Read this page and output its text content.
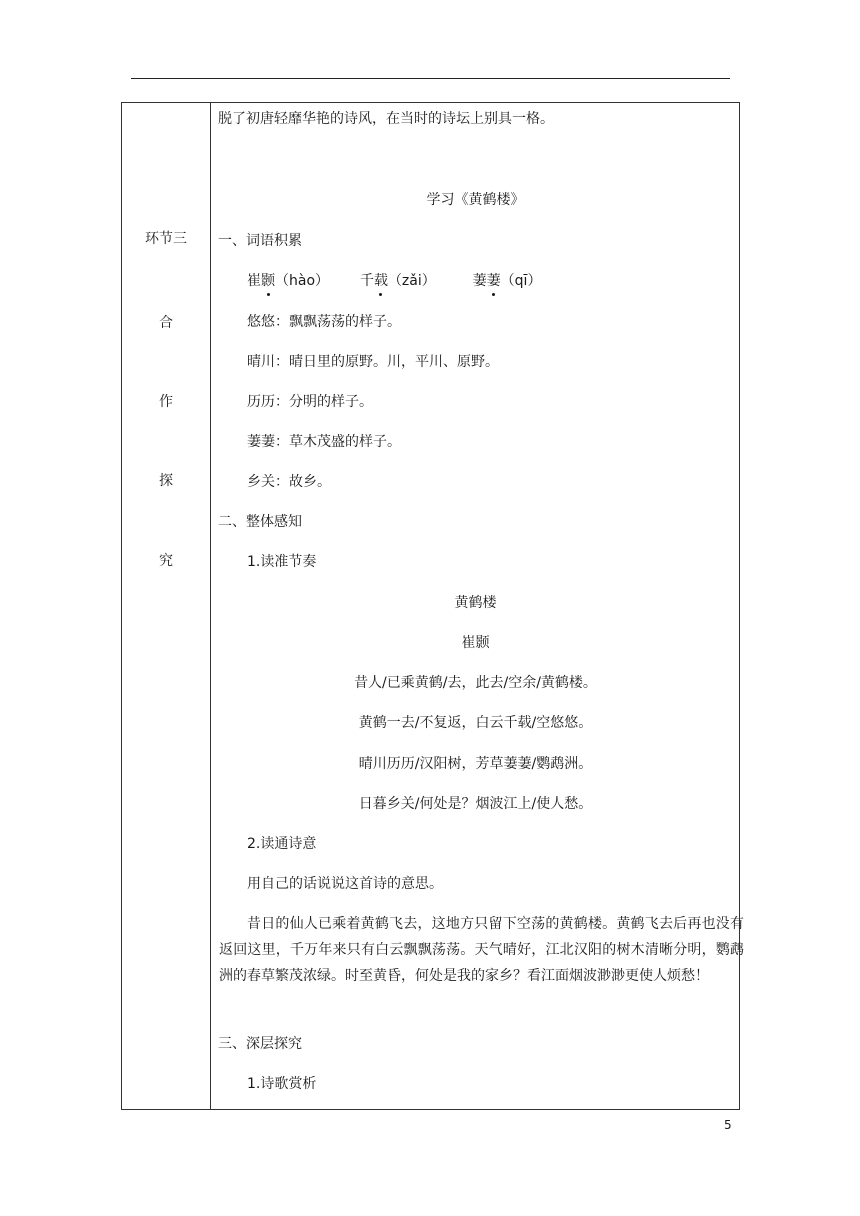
环节三
合
作
探
究
脱了初唐轻靡华艳的诗风，在当时的诗坛上别具一格。
学习《黄鹤楼》
一、词语积累
崔颢（hào） 千载（zǎi）	萋萋（qī）
悠悠：飘飘荡荡的样子。
晴川：晴日里的原野。川，平川、原野。
历历：分明的样子。
萋萋：草木茂盛的样子。
乡关：故乡。
二、整体感知
1.读准节奏
黄鹤楼
崔颢
昔人/已乘黄鹤/去，此去/空余/黄鹤楼。
黄鹤一去/不复返，白云千载/空悠悠。
晴川历历/汉阳树，芳草萋萋/鹦鹉洲。
日暮乡关/何处是？烟波江上/使人愁。
2.读通诗意
用自己的话说说这首诗的意思。
昔日的仙人已乘着黄鹤飞去，这地方只留下空荡的黄鹤楼。黄鹤飞去后再也没有返回这里，千万年来只有白云飘飘荡荡。天气晴好，江北汉阳的树木清晰分明，鹦鹉洲的春草繁茂浓绿。时至黄昏，何处是我的家乡？看江面烟波渺渺更使人烦愁！
三、深层探究
1.诗歌赏析
5
